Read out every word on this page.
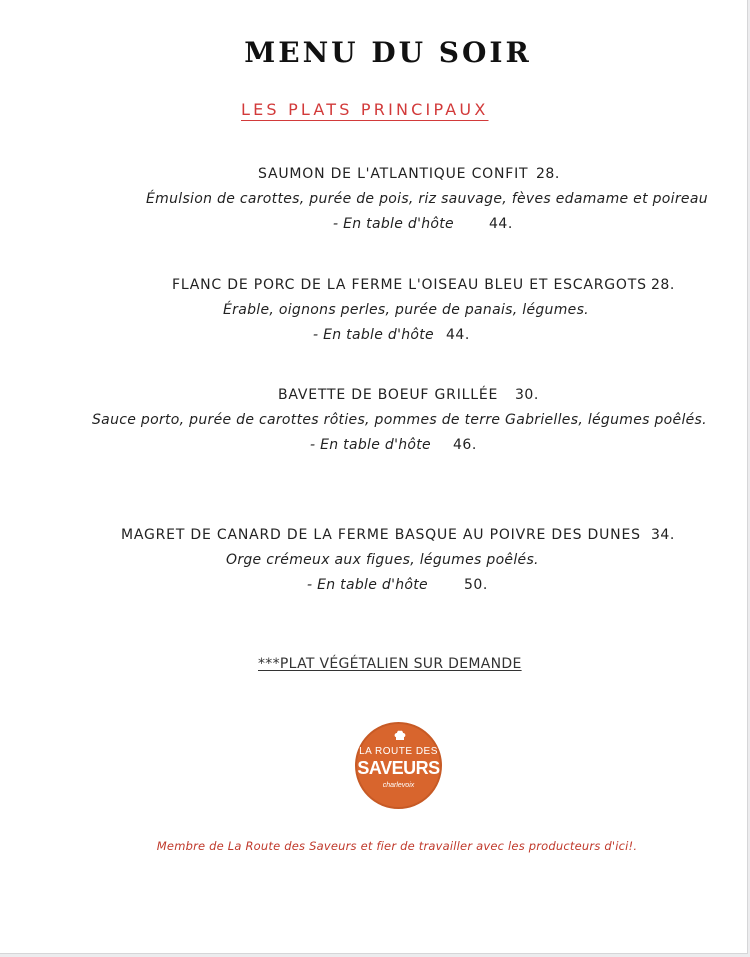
MENU DU SOIR
LES PLATS PRINCIPAUX
SAUMON DE L'ATLANTIQUE CONFIT 28.
Émulsion de carottes, purée de pois, riz sauvage, fèves edamame et poireau
- En table d'hôte	44.
FLANC DE PORC DE LA FERME L'OISEAU BLEU ET ESCARGOTS 28.
Érable, oignons perles, purée de panais, légumes.
- En table d'hôte 44.
BAVETTE DE BOEUF GRILLÉE 30.
Sauce porto, purée de carottes rôties, pommes de terre Gabrielles, légumes poêlés.
- En table d'hôte 46.
MAGRET DE CANARD DE LA FERME BASQUE AU POIVRE DES DUNES 34.
Orge crémeux aux figues, légumes poêlés.
- En table d'hôte	50.
***PLAT VÉGÉTALIEN SUR DEMANDE
LA ROUTE DES
SAVEURS
charlevoix
Membre de La Route des Saveurs et fier de travailler avec les producteurs d'ici!.
